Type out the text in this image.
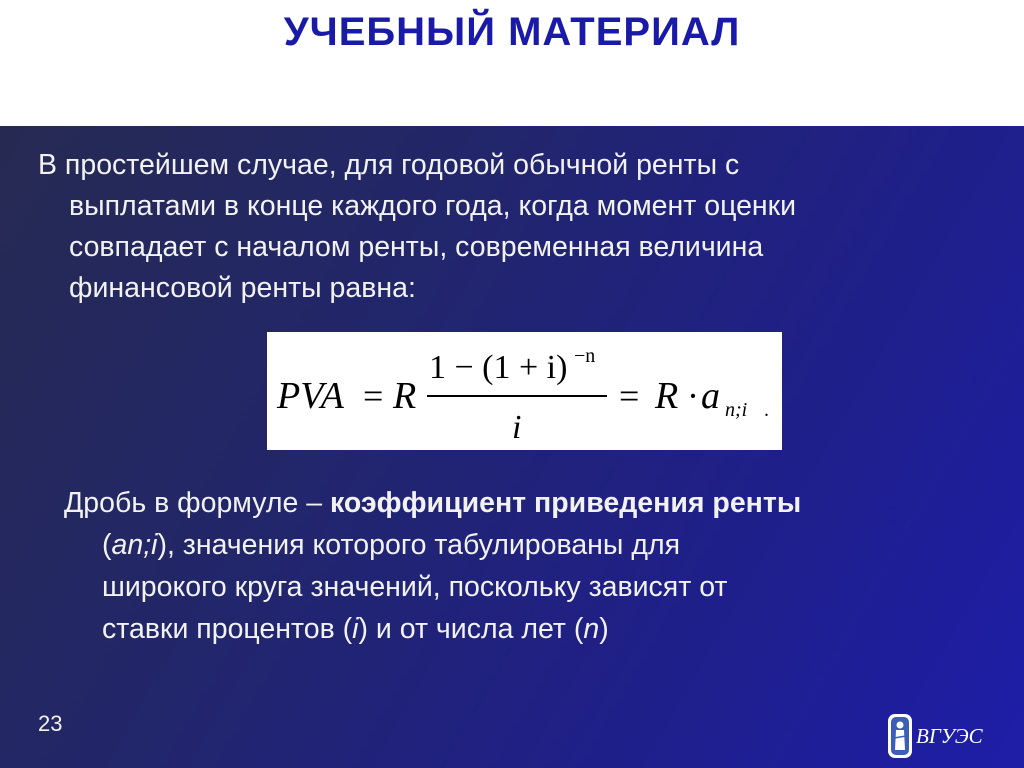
УЧЕБНЫЙ МАТЕРИАЛ
В простейшем случае, для годовой обычной ренты с
выплатами в конце каждого года, когда момент оценки
совпадает с началом ренты, современная величина
финансовой ренты равна:
PVA = R
1 − (1 + i) −n
i
= R · a n;i .
Дробь в формуле – коэффициент приведения ренты
(an;i), значения которого табулированы для
широкого круга значений, поскольку зависят от
ставки процентов (i) и от числа лет (n)
23	ВГУЭС
